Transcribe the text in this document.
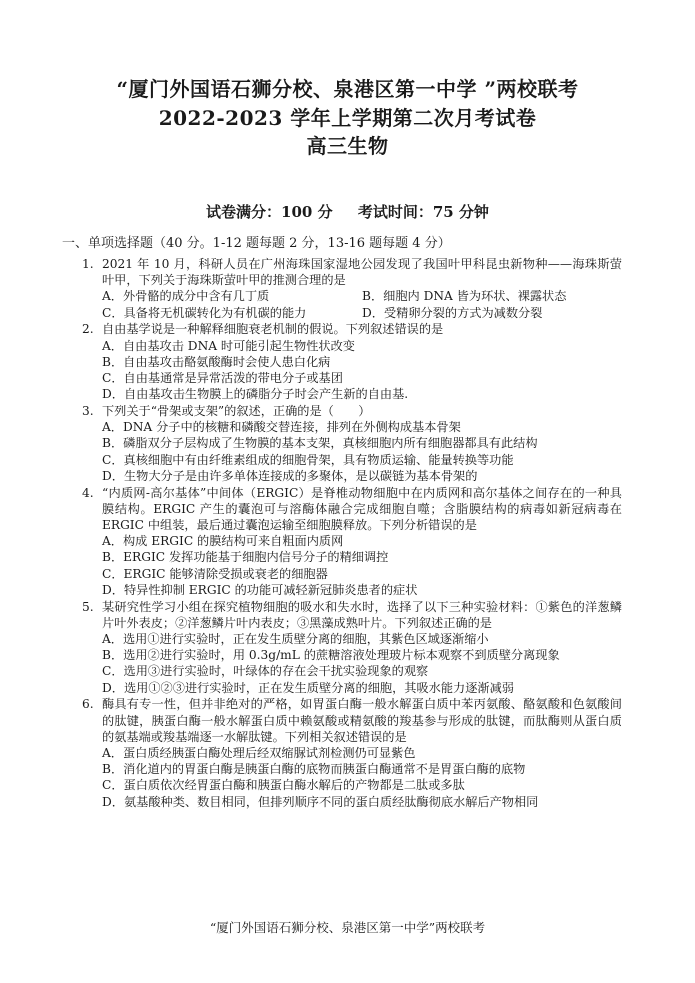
“厦门外国语石狮分校、泉港区第一中学 ”两校联考
2022-2023 学年上学期第二次月考试卷
高三生物
试卷满分：100 分 考试时间：75 分钟
一、单项选择题（40 分。1-12 题每题 2 分，13-16 题每题 4 分）
1. 2021 年 10 月，科研人员在广州海珠国家湿地公园发现了我国叶甲科昆虫新物种——海珠斯萤叶甲，下列关于海珠斯萤叶甲的推测合理的是
A．外骨骼的成分中含有几丁质	B．细胞内 DNA 皆为环状、裸露状态
C．具备将无机碳转化为有机碳的能力	D．受精卵分裂的方式为减数分裂
2. 自由基学说是一种解释细胞衰老机制的假说。下列叙述错误的是
A．自由基攻击 DNA 时可能引起生物性状改变
B．自由基攻击酪氨酸酶时会使人患白化病
C．自由基通常是异常活泼的带电分子或基团
D．自由基攻击生物膜上的磷脂分子时会产生新的自由基.
3. 下列关于“骨架或支架”的叙述，正确的是（　　）
A．DNA 分子中的核糖和磷酸交替连接，排列在外侧构成基本骨架
B．磷脂双分子层构成了生物膜的基本支架，真核细胞内所有细胞器都具有此结构
C．真核细胞中有由纤维素组成的细胞骨架，具有物质运输、能量转换等功能
D．生物大分子是由许多单体连接成的多聚体，是以碳链为基本骨架的
4. “内质网-高尔基体”中间体（ERGIC）是脊椎动物细胞中在内质网和高尔基体之间存在的一种具膜结构。ERGIC 产生的囊泡可与溶酶体融合完成细胞自噬；含脂膜结构的病毒如新冠病毒在 ERGIC 中组装，最后通过囊泡运输至细胞膜释放。下列分析错误的是
A．构成 ERGIC 的膜结构可来自粗面内质网
B．ERGIC 发挥功能基于细胞内信号分子的精细调控
C．ERGIC 能够清除受损或衰老的细胞器
D．特异性抑制 ERGIC 的功能可减轻新冠肺炎患者的症状
5. 某研究性学习小组在探究植物细胞的吸水和失水时，选择了以下三种实验材料：①紫色的洋葱鳞片叶外表皮；②洋葱鳞片叶内表皮；③黑藻成熟叶片。下列叙述正确的是
A．选用①进行实验时，正在发生质壁分离的细胞，其紫色区域逐渐缩小
B．选用②进行实验时，用 0.3g/mL 的蔗糖溶液处理玻片标本观察不到质壁分离现象
C．选用③进行实验时，叶绿体的存在会干扰实验现象的观察
D．选用①②③进行实验时，正在发生质壁分离的细胞，其吸水能力逐渐减弱
6. 酶具有专一性，但并非绝对的严格，如胃蛋白酶一般水解蛋白质中苯丙氨酸、酪氨酸和色氨酸间的肽键，胰蛋白酶一般水解蛋白质中赖氨酸或精氨酸的羧基参与形成的肽键，而肽酶则从蛋白质的氨基端或羧基端逐一水解肽键。下列相关叙述错误的是
A．蛋白质经胰蛋白酶处理后经双缩脲试剂检测仍可显紫色
B．消化道内的胃蛋白酶是胰蛋白酶的底物而胰蛋白酶通常不是胃蛋白酶的底物
C．蛋白质依次经胃蛋白酶和胰蛋白酶水解后的产物都是二肽或多肽
D．氨基酸种类、数目相同，但排列顺序不同的蛋白质经肽酶彻底水解后产物相同
“厦门外国语石狮分校、泉港区第一中学”两校联考
